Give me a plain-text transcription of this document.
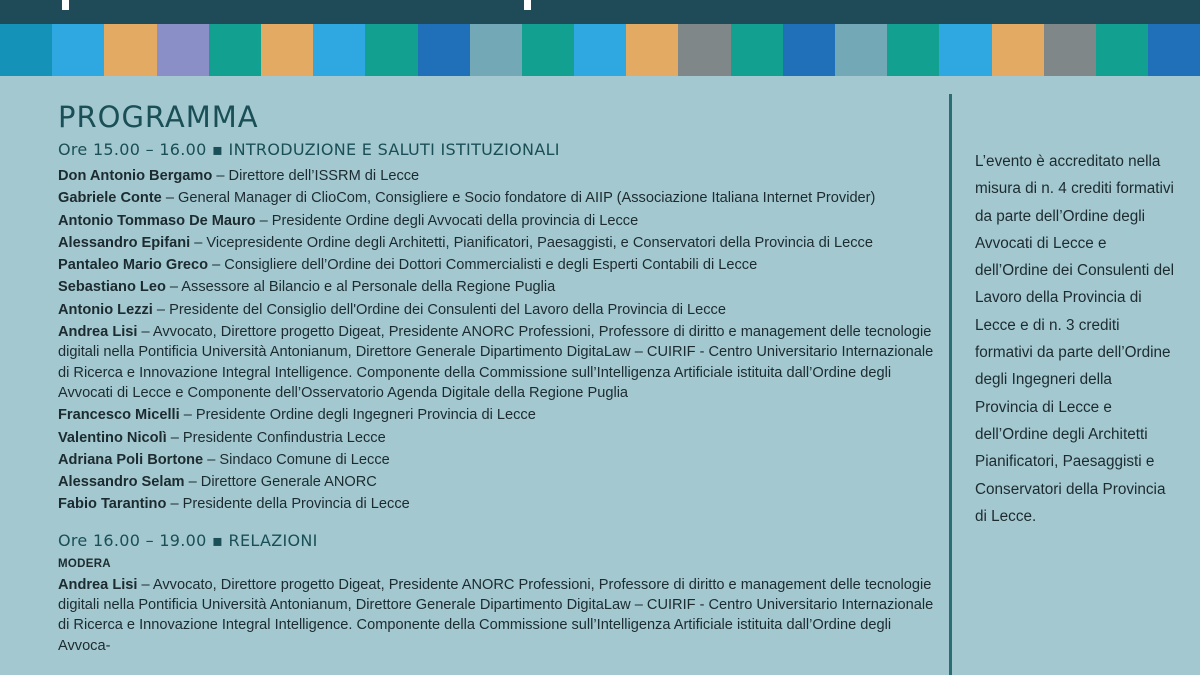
PROGRAMMA
Ore 15.00 – 16.00 ▪ INTRODUZIONE E SALUTI ISTITUZIONALI
Don Antonio Bergamo – Direttore dell’ISSRM di Lecce
Gabriele Conte – General Manager di ClioCom, Consigliere e Socio fondatore di AIIP (Associazione Italiana Internet Provider)
Antonio Tommaso De Mauro – Presidente Ordine degli Avvocati della provincia di Lecce
Alessandro Epifani – Vicepresidente Ordine degli Architetti, Pianificatori, Paesaggisti, e Conservatori della Provincia di Lecce
Pantaleo Mario Greco – Consigliere dell’Ordine dei Dottori Commercialisti e degli Esperti Contabili di Lecce
Sebastiano Leo – Assessore al Bilancio e al Personale della Regione Puglia
Antonio Lezzi – Presidente del Consiglio dell'Ordine dei Consulenti del Lavoro della Provincia di Lecce
Andrea Lisi – Avvocato, Direttore progetto Digeat, Presidente ANORC Professioni, Professore di diritto e management delle tecnologie digitali nella Pontificia Università Antonianum, Direttore Generale Dipartimento DigitaLaw – CUIRIF - Centro Universitario Internazionale di Ricerca e Innovazione Integral Intelligence. Componente della Commissione sull’Intelligenza Artificiale istituita dall’Ordine degli Avvocati di Lecce e Componente dell’Osservatorio Agenda Digitale della Regione Puglia
Francesco Micelli – Presidente Ordine degli Ingegneri Provincia di Lecce
Valentino Nicolì – Presidente Confindustria Lecce
Adriana Poli Bortone – Sindaco Comune di Lecce
Alessandro Selam – Direttore Generale ANORC
Fabio Tarantino – Presidente della Provincia di Lecce
Ore 16.00 – 19.00 ▪ RELAZIONI
MODERA
Andrea Lisi – Avvocato, Direttore progetto Digeat, Presidente ANORC Professioni, Professore di diritto e management delle tecnologie digitali nella Pontificia Università Antonianum, Direttore Generale Dipartimento DigitaLaw – CUIRIF - Centro Universitario Internazionale di Ricerca e Innovazione Integral Intelligence. Componente della Commissione sull’Intelligenza Artificiale istituita dall’Ordine degli Avvoca-
L’evento è accreditato nella misura di n. 4 crediti formativi da parte dell’Ordine degli Avvocati di Lecce e dell’Ordine dei Consulenti del Lavoro della Provincia di Lecce e di n. 3 crediti formativi da parte dell’Ordine degli Ingegneri della Provincia di Lecce e dell’Ordine degli Architetti Pianificatori, Paesaggisti e Conservatori della Provincia di Lecce.
